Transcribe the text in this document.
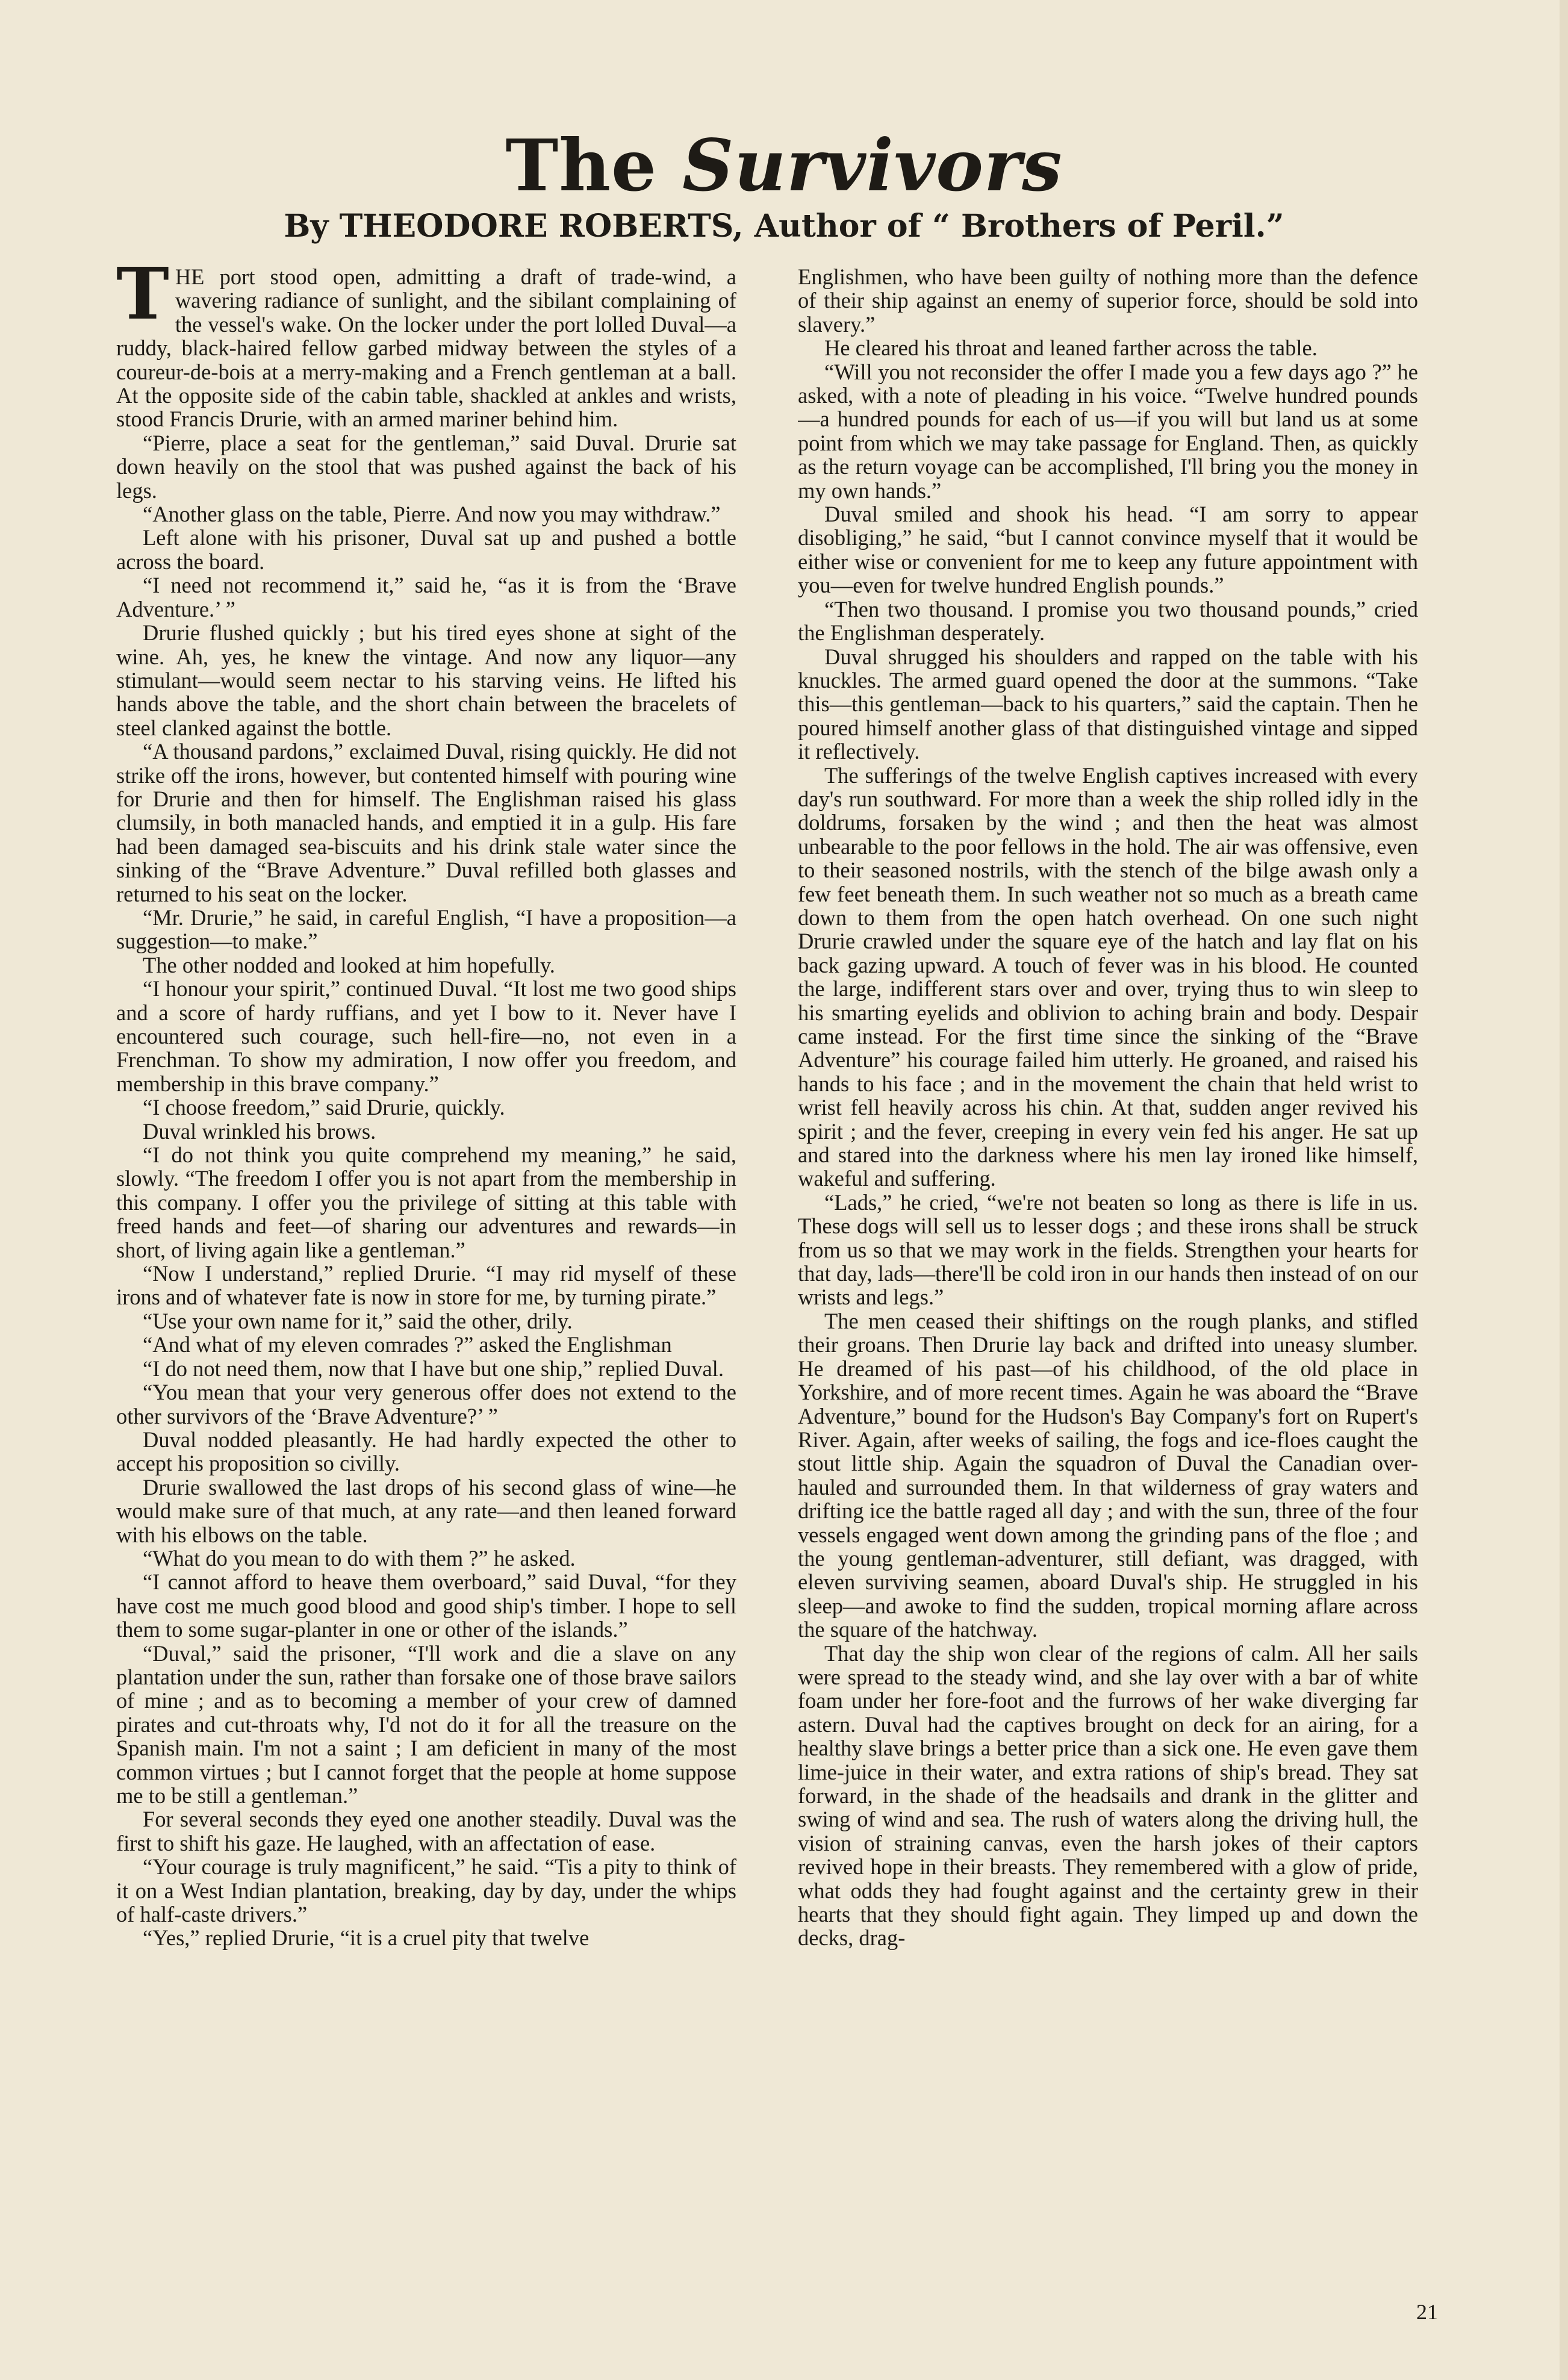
The Survivors
By THEODORE ROBERTS, Author of “ Brothers of Peril.”

THE port stood open, admitting a draft of trade-wind, a wavering radiance of sunlight, and the sibilant complaining of the vessel's wake. On the locker under the port lolled Duval—a ruddy, black-haired fellow garbed midway between the styles of a coureur-de-bois at a merry-making and a French gentleman at a ball. At the opposite side of the cabin table, shackled at ankles and wrists, stood Francis Drurie, with an armed mariner behind him.

“Pierre, place a seat for the gentleman,” said Duval. Drurie sat down heavily on the stool that was pushed against the back of his legs.

“Another glass on the table, Pierre. And now you may withdraw.”

Left alone with his prisoner, Duval sat up and pushed a bottle across the board.

“I need not recommend it,” said he, “as it is from the ‘Brave Adventure.’ ”

Drurie flushed quickly ; but his tired eyes shone at sight of the wine. Ah, yes, he knew the vintage. And now any liquor—any stimulant—would seem nectar to his starving veins. He lifted his hands above the table, and the short chain between the bracelets of steel clanked against the bottle.

“A thousand pardons,” exclaimed Duval, rising quickly. He did not strike off the irons, however, but contented himself with pouring wine for Drurie and then for himself. The Englishman raised his glass clumsily, in both manacled hands, and emptied it in a gulp. His fare had been damaged sea-biscuits and his drink stale water since the sinking of the “Brave Adventure.” Duval refilled both glasses and returned to his seat on the locker.

“Mr. Drurie,” he said, in careful English, “I have a proposition—a suggestion—to make.”

The other nodded and looked at him hopefully.

“I honour your spirit,” continued Duval. “It lost me two good ships and a score of hardy ruffians, and yet I bow to it. Never have I encountered such courage, such hell-fire—no, not even in a Frenchman. To show my admiration, I now offer you freedom, and membership in this brave company.”

“I choose freedom,” said Drurie, quickly.

Duval wrinkled his brows.

“I do not think you quite comprehend my meaning,” he said, slowly. “The freedom I offer you is not apart from the membership in this company. I offer you the privilege of sitting at this table with freed hands and feet—of sharing our adventures and rewards—in short, of living again like a gentleman.”

“Now I understand,” replied Drurie. “I may rid myself of these irons and of whatever fate is now in store for me, by turning pirate.”

“Use your own name for it,” said the other, drily.

“And what of my eleven comrades ?” asked the Englishman

“I do not need them, now that I have but one ship,” replied Duval.

“You mean that your very generous offer does not extend to the other survivors of the ‘Brave Adventure?’ ”

Duval nodded pleasantly. He had hardly expected the other to accept his proposition so civilly.

Drurie swallowed the last drops of his second glass of wine—he would make sure of that much, at any rate—and then leaned forward with his elbows on the table.

“What do you mean to do with them ?” he asked.

“I cannot afford to heave them overboard,” said Duval, “for they have cost me much good blood and good ship's timber. I hope to sell them to some sugar-planter in one or other of the islands.”

“Duval,” said the prisoner, “I'll work and die a slave on any plantation under the sun, rather than forsake one of those brave sailors of mine ; and as to becoming a member of your crew of damned pirates and cut-throats why, I'd not do it for all the treasure on the Spanish main. I'm not a saint ; I am deficient in many of the most common virtues ; but I cannot forget that the people at home suppose me to be still a gentleman.”

For several seconds they eyed one another steadily. Duval was the first to shift his gaze. He laughed, with an affectation of ease.

“Your courage is truly magnificent,” he said. “Tis a pity to think of it on a West Indian plantation, breaking, day by day, under the whips of half-caste drivers.”

“Yes,” replied Drurie, “it is a cruel pity that twelve

Englishmen, who have been guilty of nothing more than the defence of their ship against an enemy of superior force, should be sold into slavery.”

He cleared his throat and leaned farther across the table.

“Will you not reconsider the offer I made you a few days ago ?” he asked, with a note of pleading in his voice. “Twelve hundred pounds—a hundred pounds for each of us—if you will but land us at some point from which we may take passage for England. Then, as quickly as the return voyage can be accomplished, I'll bring you the money in my own hands.”

Duval smiled and shook his head. “I am sorry to appear disobliging,” he said, “but I cannot convince myself that it would be either wise or convenient for me to keep any future appointment with you—even for twelve hundred English pounds.”

“Then two thousand. I promise you two thousand pounds,” cried the Englishman desperately.

Duval shrugged his shoulders and rapped on the table with his knuckles. The armed guard opened the door at the summons. “Take this—this gentleman—back to his quarters,” said the captain. Then he poured himself another glass of that distinguished vintage and sipped it reflectively.

The sufferings of the twelve English captives increased with every day's run southward. For more than a week the ship rolled idly in the doldrums, forsaken by the wind ; and then the heat was almost unbearable to the poor fellows in the hold. The air was offensive, even to their seasoned nostrils, with the stench of the bilge awash only a few feet beneath them. In such weather not so much as a breath came down to them from the open hatch overhead. On one such night Drurie crawled under the square eye of the hatch and lay flat on his back gazing upward. A touch of fever was in his blood. He counted the large, indifferent stars over and over, trying thus to win sleep to his smarting eyelids and oblivion to aching brain and body. Despair came instead. For the first time since the sinking of the “Brave Adventure” his courage failed him utterly. He groaned, and raised his hands to his face ; and in the movement the chain that held wrist to wrist fell heavily across his chin. At that, sudden anger revived his spirit ; and the fever, creeping in every vein fed his anger. He sat up and stared into the darkness where his men lay ironed like himself, wakeful and suffering.

“Lads,” he cried, “we're not beaten so long as there is life in us. These dogs will sell us to lesser dogs ; and these irons shall be struck from us so that we may work in the fields. Strengthen your hearts for that day, lads—there'll be cold iron in our hands then instead of on our wrists and legs.”

The men ceased their shiftings on the rough planks, and stifled their groans. Then Drurie lay back and drifted into uneasy slumber. He dreamed of his past—of his childhood, of the old place in Yorkshire, and of more recent times. Again he was aboard the “Brave Adventure,” bound for the Hudson's Bay Company's fort on Rupert's River. Again, after weeks of sailing, the fogs and ice-floes caught the stout little ship. Again the squadron of Duval the Canadian over-hauled and surrounded them. In that wilderness of gray waters and drifting ice the battle raged all day ; and with the sun, three of the four vessels engaged went down among the grinding pans of the floe ; and the young gentleman-adventurer, still defiant, was dragged, with eleven surviving seamen, aboard Duval's ship. He struggled in his sleep—and awoke to find the sudden, tropical morning aflare across the square of the hatchway.

That day the ship won clear of the regions of calm. All her sails were spread to the steady wind, and she lay over with a bar of white foam under her fore-foot and the furrows of her wake diverging far astern. Duval had the captives brought on deck for an airing, for a healthy slave brings a better price than a sick one. He even gave them lime-juice in their water, and extra rations of ship's bread. They sat forward, in the shade of the headsails and drank in the glitter and swing of wind and sea. The rush of waters along the driving hull, the vision of straining canvas, even the harsh jokes of their captors revived hope in their breasts. They remembered with a glow of pride, what odds they had fought against and the certainty grew in their hearts that they should fight again. They limped up and down the decks, drag-

21
